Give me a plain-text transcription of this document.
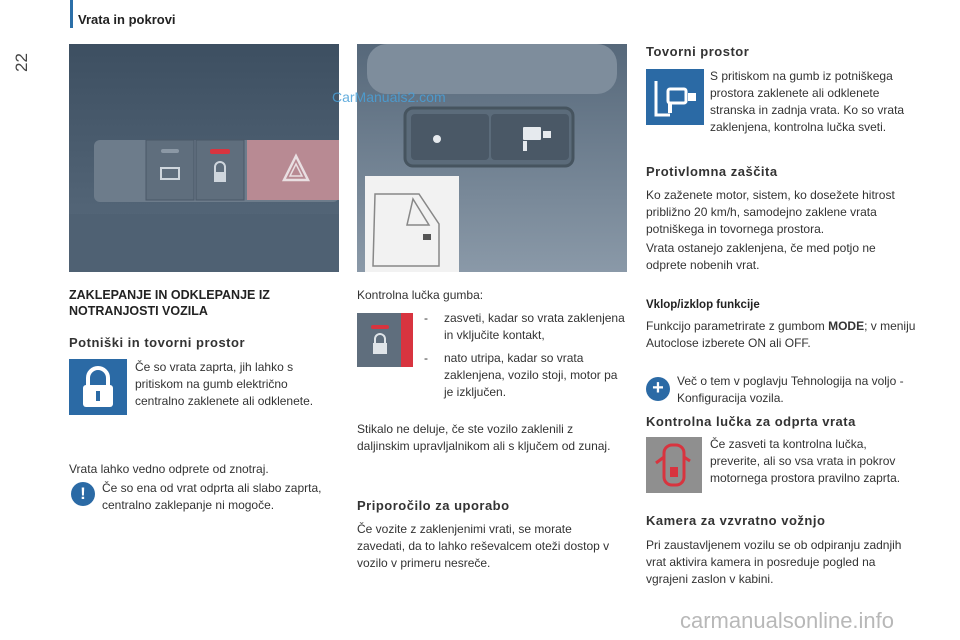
Vrata in pokrovi
22
CarManuals2.com
ZAKLEPANJE IN ODKLEPANJE IZ NOTRANJOSTI VOZILA
Potniški in tovorni prostor
Če so vrata zaprta, jih lahko s pritiskom na gumb električno centralno zaklenete ali odklenete.
Vrata lahko vedno odprete od znotraj.
!	Če so ena od vrat odprta ali slabo zaprta, centralno zaklepanje ni mogoče.
Kontrolna lučka gumba:
- zasveti, kadar so vrata zaklenjena in vključite kontakt,
- nato utripa, kadar so vrata zaklenjena, vozilo stoji, motor pa je izključen.
Stikalo ne deluje, če ste vozilo zaklenili z daljinskim upravljalnikom ali s ključem od zunaj.
Priporočilo za uporabo
Če vozite z zaklenjenimi vrati, se morate zavedati, da to lahko reševalcem oteži dostop v vozilo v primeru nesreče.
Tovorni prostor
S pritiskom na gumb iz potniškega prostora zaklenete ali odklenete stranska in zadnja vrata. Ko so vrata zaklenjena, kontrolna lučka sveti.
Protivlomna zaščita
Ko zaženete motor, sistem, ko dosežete hitrost približno 20 km/h, samodejno zaklene vrata potniškega in tovornega prostora.
Vrata ostanejo zaklenjena, če med potjo ne odprete nobenih vrat.
Vklop/izklop funkcije
Funkcijo parametrirate z gumbom MODE; v meniju Autoclose izberete ON ali OFF.
+	Več o tem v poglavju Tehnologija na voljo - Konfiguracija vozila.
Kontrolna lučka za odprta vrata
Če zasveti ta kontrolna lučka, preverite, ali so vsa vrata in pokrov motornega prostora pravilno zaprta.
Kamera za vzvratno vožnjo
Pri zaustavljenem vozilu se ob odpiranju zadnjih vrat aktivira kamera in posreduje pogled na vgrajeni zaslon v kabini.
carmanualsonline.info
